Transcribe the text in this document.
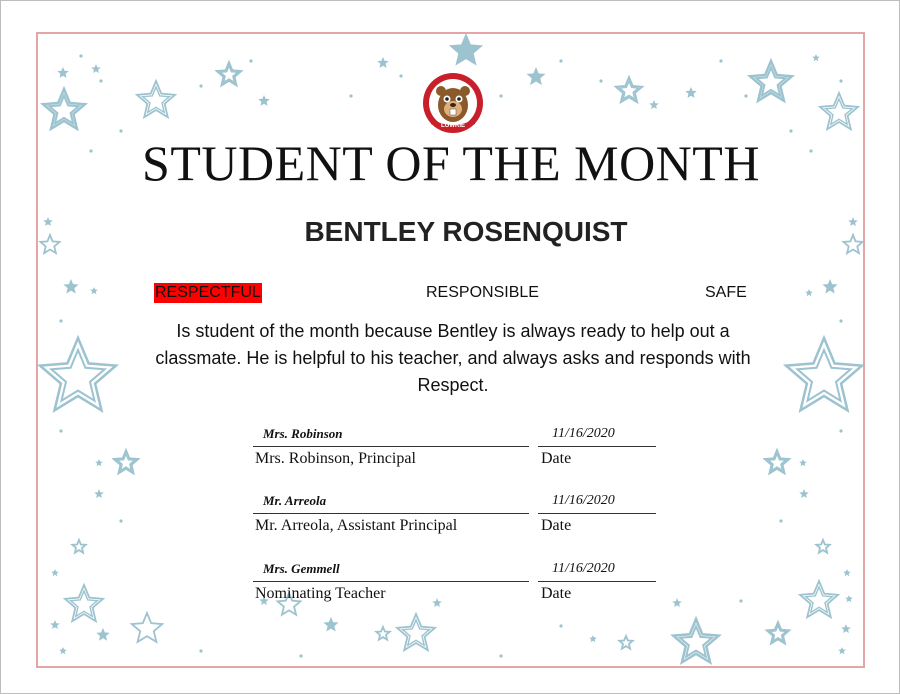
LOWRIE
STUDENT OF THE MONTH
BENTLEY ROSENQUIST
RESPECTFUL	RESPONSIBLE	SAFE
Is student of the month because Bentley is always ready to help out a classmate. He is helpful to his teacher, and always asks and responds with Respect.
Mrs. Robinson
Mrs. Robinson, Principal
11/16/2020
Date
Mr. Arreola
Mr. Arreola, Assistant Principal
11/16/2020
Date
Mrs. Gemmell
Nominating Teacher
11/16/2020
Date
